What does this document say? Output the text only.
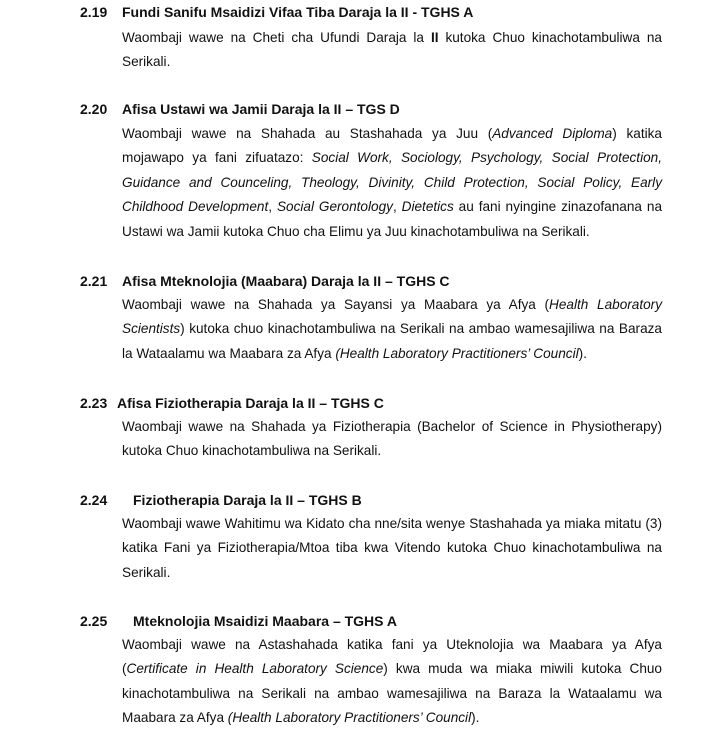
2.19 Fundi Sanifu Msaidizi Vifaa Tiba Daraja la II - TGHS A

Waombaji wawe na Cheti cha Ufundi Daraja la II kutoka Chuo kinachotambuliwa na Serikali.

2.20 Afisa Ustawi wa Jamii Daraja la II – TGS D

Waombaji wawe na Shahada au Stashahada ya Juu (Advanced Diploma) katika mojawapo ya fani zifuatazo: Social Work, Sociology, Psychology, Social Protection, Guidance and Counceling, Theology, Divinity, Child Protection, Social Policy, Early Childhood Development, Social Gerontology, Dietetics au fani nyingine zinazofanana na Ustawi wa Jamii kutoka Chuo cha Elimu ya Juu kinachotambuliwa na Serikali.

2.21 Afisa Mteknolojia (Maabara) Daraja la II – TGHS C

Waombaji wawe na Shahada ya Sayansi ya Maabara ya Afya (Health Laboratory Scientists) kutoka chuo kinachotambuliwa na Serikali na ambao wamesajiliwa na Baraza la Wataalamu wa Maabara za Afya (Health Laboratory Practitioners’ Council).

2.23 Afisa Fiziotherapia Daraja la II – TGHS C

Waombaji wawe na Shahada ya Fiziotherapia (Bachelor of Science in Physiotherapy) kutoka Chuo kinachotambuliwa na Serikali.

2.24 Fiziotherapia Daraja la II – TGHS B

Waombaji wawe Wahitimu wa Kidato cha nne/sita wenye Stashahada ya miaka mitatu (3) katika Fani ya Fiziotherapia/Mtoa tiba kwa Vitendo kutoka Chuo kinachotambuliwa na Serikali.

2.25 Mteknolojia Msaidizi Maabara – TGHS A

Waombaji wawe na Astashahada katika fani ya Uteknolojia wa Maabara ya Afya (Certificate in Health Laboratory Science) kwa muda wa miaka miwili kutoka Chuo kinachotambuliwa na Serikali na ambao wamesajiliwa na Baraza la Wataalamu wa Maabara za Afya (Health Laboratory Practitioners’ Council).
